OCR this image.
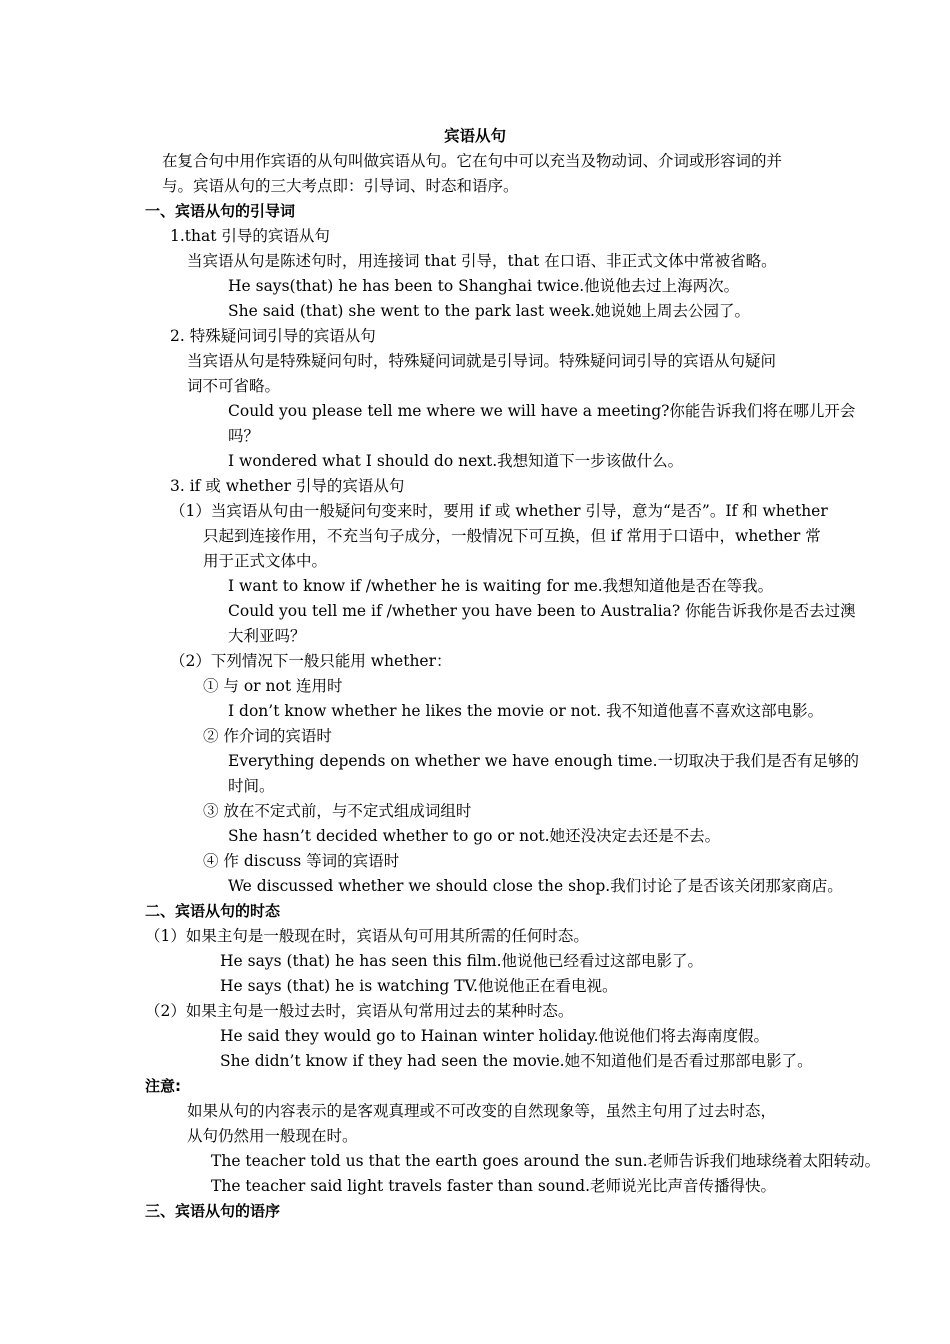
宾语从句
在复合句中用作宾语的从句叫做宾语从句。它在句中可以充当及物动词、介词或形容词的并
与。宾语从句的三大考点即：引导词、时态和语序。
一、宾语从句的引导词
1.that 引导的宾语从句
当宾语从句是陈述句时，用连接词 that 引导，that 在口语、非正式文体中常被省略。
He says(that) he has been to Shanghai twice.他说他去过上海两次。
She said (that) she went to the park last week.她说她上周去公园了。
2. 特殊疑问词引导的宾语从句
当宾语从句是特殊疑问句时，特殊疑问词就是引导词。特殊疑问词引导的宾语从句疑问
词不可省略。
Could you please tell me where we will have a meeting?你能告诉我们将在哪儿开会
吗？
I wondered what I should do next.我想知道下一步该做什么。
3. if 或 whether 引导的宾语从句
（1）当宾语从句由一般疑问句变来时，要用 if 或 whether 引导，意为“是否”。If 和 whether
只起到连接作用，不充当句子成分，一般情况下可互换，但 if 常用于口语中，whether 常
用于正式文体中。
I want to know if /whether he is waiting for me.我想知道他是否在等我。
Could you tell me if /whether you have been to Australia? 你能告诉我你是否去过澳
大利亚吗？
（2）下列情况下一般只能用 whether：
① 与 or not 连用时
I don’t know whether he likes the movie or not. 我不知道他喜不喜欢这部电影。
② 作介词的宾语时
Everything depends on whether we have enough time.一切取决于我们是否有足够的
时间。
③ 放在不定式前，与不定式组成词组时
She hasn’t decided whether to go or not.她还没决定去还是不去。
④ 作 discuss 等词的宾语时
We discussed whether we should close the shop.我们讨论了是否该关闭那家商店。
二、宾语从句的时态
（1）如果主句是一般现在时，宾语从句可用其所需的任何时态。
He says (that) he has seen this film.他说他已经看过这部电影了。
He says (that) he is watching TV.他说他正在看电视。
（2）如果主句是一般过去时，宾语从句常用过去的某种时态。
He said they would go to Hainan winter holiday.他说他们将去海南度假。
She didn’t know if they had seen the movie.她不知道他们是否看过那部电影了。
注意:
如果从句的内容表示的是客观真理或不可改变的自然现象等，虽然主句用了过去时态，
从句仍然用一般现在时。
The teacher told us that the earth goes around the sun.老师告诉我们地球绕着太阳转动。
The teacher said light travels faster than sound.老师说光比声音传播得快。
三、宾语从句的语序
